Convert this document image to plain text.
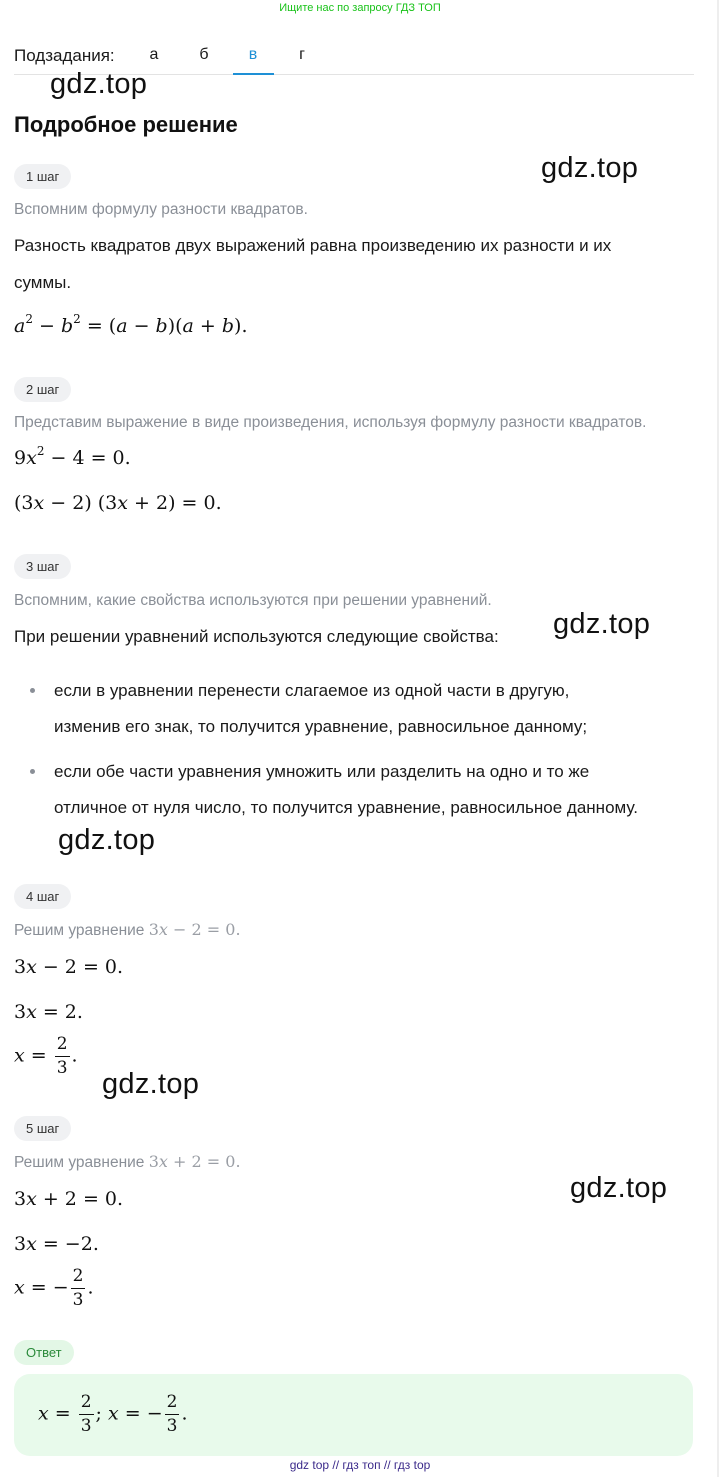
Ищите нас по запросу ГДЗ ТОП
Подзадания:	а	б	в	г
gdz.top
gdz.top
gdz.top
gdz.top
gdz.top
gdz.top
Подробное решение
1 шаг
Вспомним формулу разности квадратов.
Разность квадратов двух выражений равна произведению их разности и их
суммы.
$a^2 - b^2 = (a - b)(a + b)$.
2 шаг
Представим выражение в виде произведения, используя формулу разности квадратов.
$9x^2 - 4 = 0$.
(3x − 2) (3x + 2) = 0.
3 шаг
Вспомним, какие свойства используются при решении уравнений.
При решении уравнений используются следующие свойства:
если в уравнении перенести слагаемое из одной части в другую,
изменив его знак, то получится уравнение, равносильное данному;
если обе части уравнения умножить или разделить на одно и то же
отличное от нуля число, то получится уравнение, равносильное данному.
4 шаг
Решим уравнение 3x − 2 = 0.
3x − 2 = 0.
3x = 2.
$x = \frac{2}{3}$ .
5 шаг
Решим уравнение 3x + 2 = 0.
3x + 2 = 0.
3x = −2.
x = − $\frac{2}{3}$ .
Ответ
$x = \frac{2}{3}$ ; x = − $\frac{2}{3}$ .
gdz top // гдз топ // гдз top
